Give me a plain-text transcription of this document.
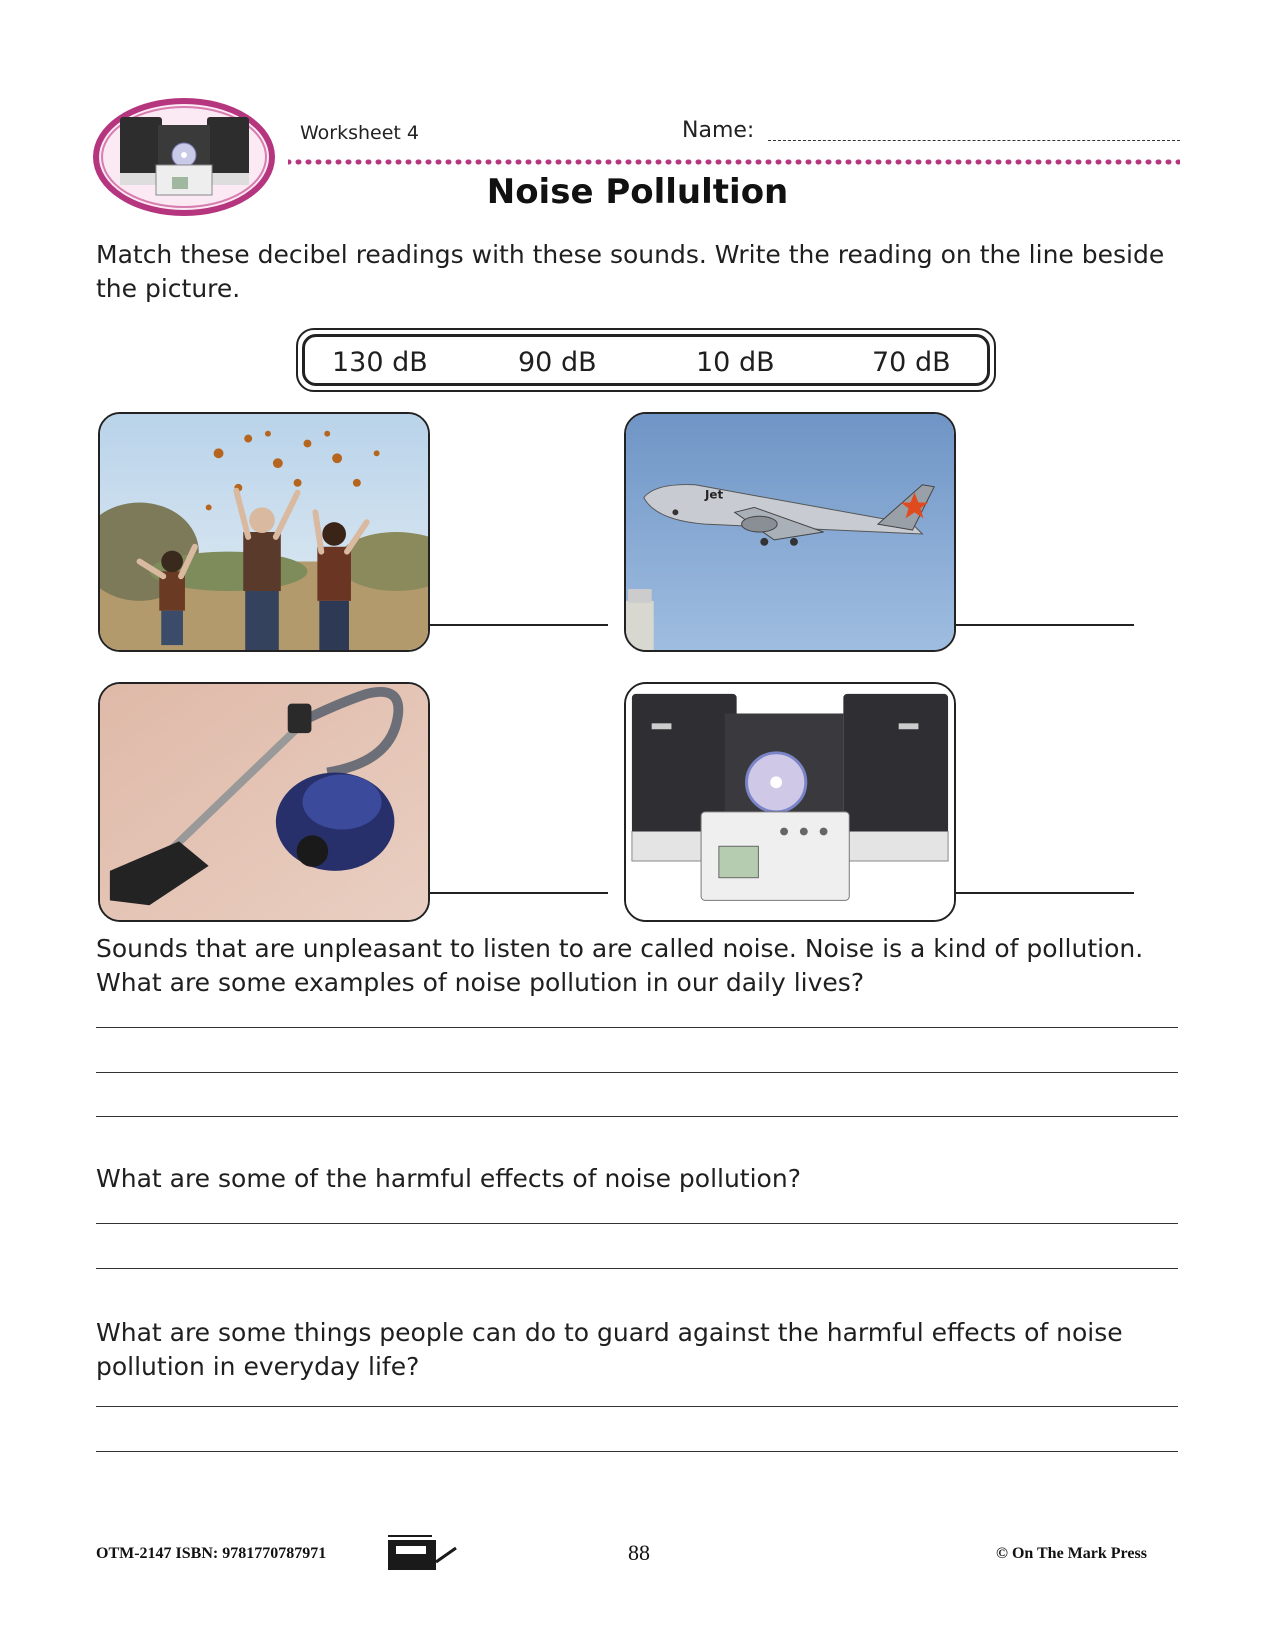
Worksheet 4	Name:
Noise Pollultion
Match these decibel readings with these sounds. Write the reading on the line beside the picture.
130 dB	90 dB	10 dB	70 dB
Jet
Sounds that are unpleasant to listen to are called noise. Noise is a kind of pollution. What are some examples of noise pollution in our daily lives?
What are some of the harmful effects of noise pollution?
What are some things people can do to guard against the harmful effects of noise pollution in everyday life?
OTM-2147 ISBN: 9781770787971	88	© On The Mark Press
